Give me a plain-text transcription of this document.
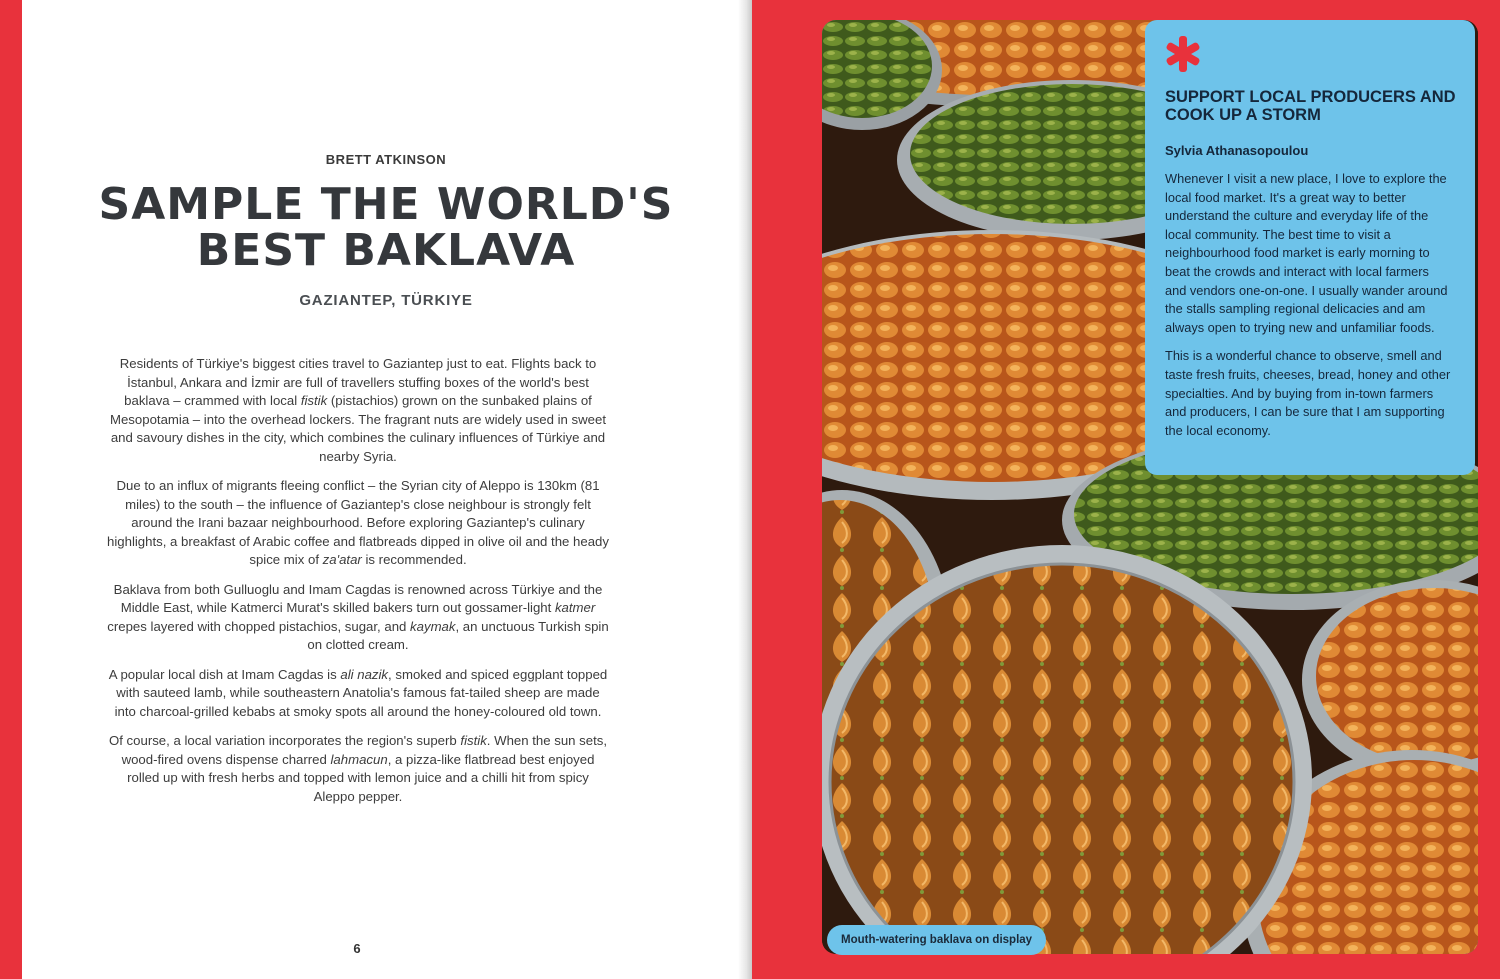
BRETT ATKINSON
SAMPLE THE WORLD'S
BEST BAKLAVA
GAZIANTEP, TÜRKIYE

Residents of Türkiye's biggest cities travel to Gaziantep just to eat. Flights back to İstanbul, Ankara and İzmir are full of travellers stuffing boxes of the world's best baklava – crammed with local fistik (pistachios) grown on the sunbaked plains of Mesopotamia – into the overhead lockers. The fragrant nuts are widely used in sweet and savoury dishes in the city, which combines the culinary influences of Türkiye and nearby Syria.

Due to an influx of migrants fleeing conflict – the Syrian city of Aleppo is 130km (81 miles) to the south – the influence of Gaziantep's close neighbour is strongly felt around the Irani bazaar neighbourhood. Before exploring Gaziantep's culinary highlights, a breakfast of Arabic coffee and flatbreads dipped in olive oil and the heady spice mix of za'atar is recommended.

Baklava from both Gulluoglu and Imam Cagdas is renowned across Türkiye and the Middle East, while Katmerci Murat's skilled bakers turn out gossamer-light katmer crepes layered with chopped pistachios, sugar, and kaymak, an unctuous Turkish spin on clotted cream.

A popular local dish at Imam Cagdas is ali nazik, smoked and spiced eggplant topped with sauteed lamb, while southeastern Anatolia's famous fat-tailed sheep are made into charcoal-grilled kebabs at smoky spots all around the honey-coloured old town.

Of course, a local variation incorporates the region's superb fistik. When the sun sets, wood-fired ovens dispense charred lahmacun, a pizza-like flatbread best enjoyed rolled up with fresh herbs and topped with lemon juice and a chilli hit from spicy Aleppo pepper.

6
Mouth-watering baklava on display
SUPPORT LOCAL PRODUCERS AND COOK UP A STORM
Sylvia Athanasopoulou

Whenever I visit a new place, I love to explore the local food market. It's a great way to better understand the culture and everyday life of the local community. The best time to visit a neighbourhood food market is early morning to beat the crowds and interact with local farmers and vendors one-on-one. I usually wander around the stalls sampling regional delicacies and am always open to trying new and unfamiliar foods.

This is a wonderful chance to observe, smell and taste fresh fruits, cheeses, bread, honey and other specialties. And by buying from in-town farmers and producers, I can be sure that I am supporting the local economy.
